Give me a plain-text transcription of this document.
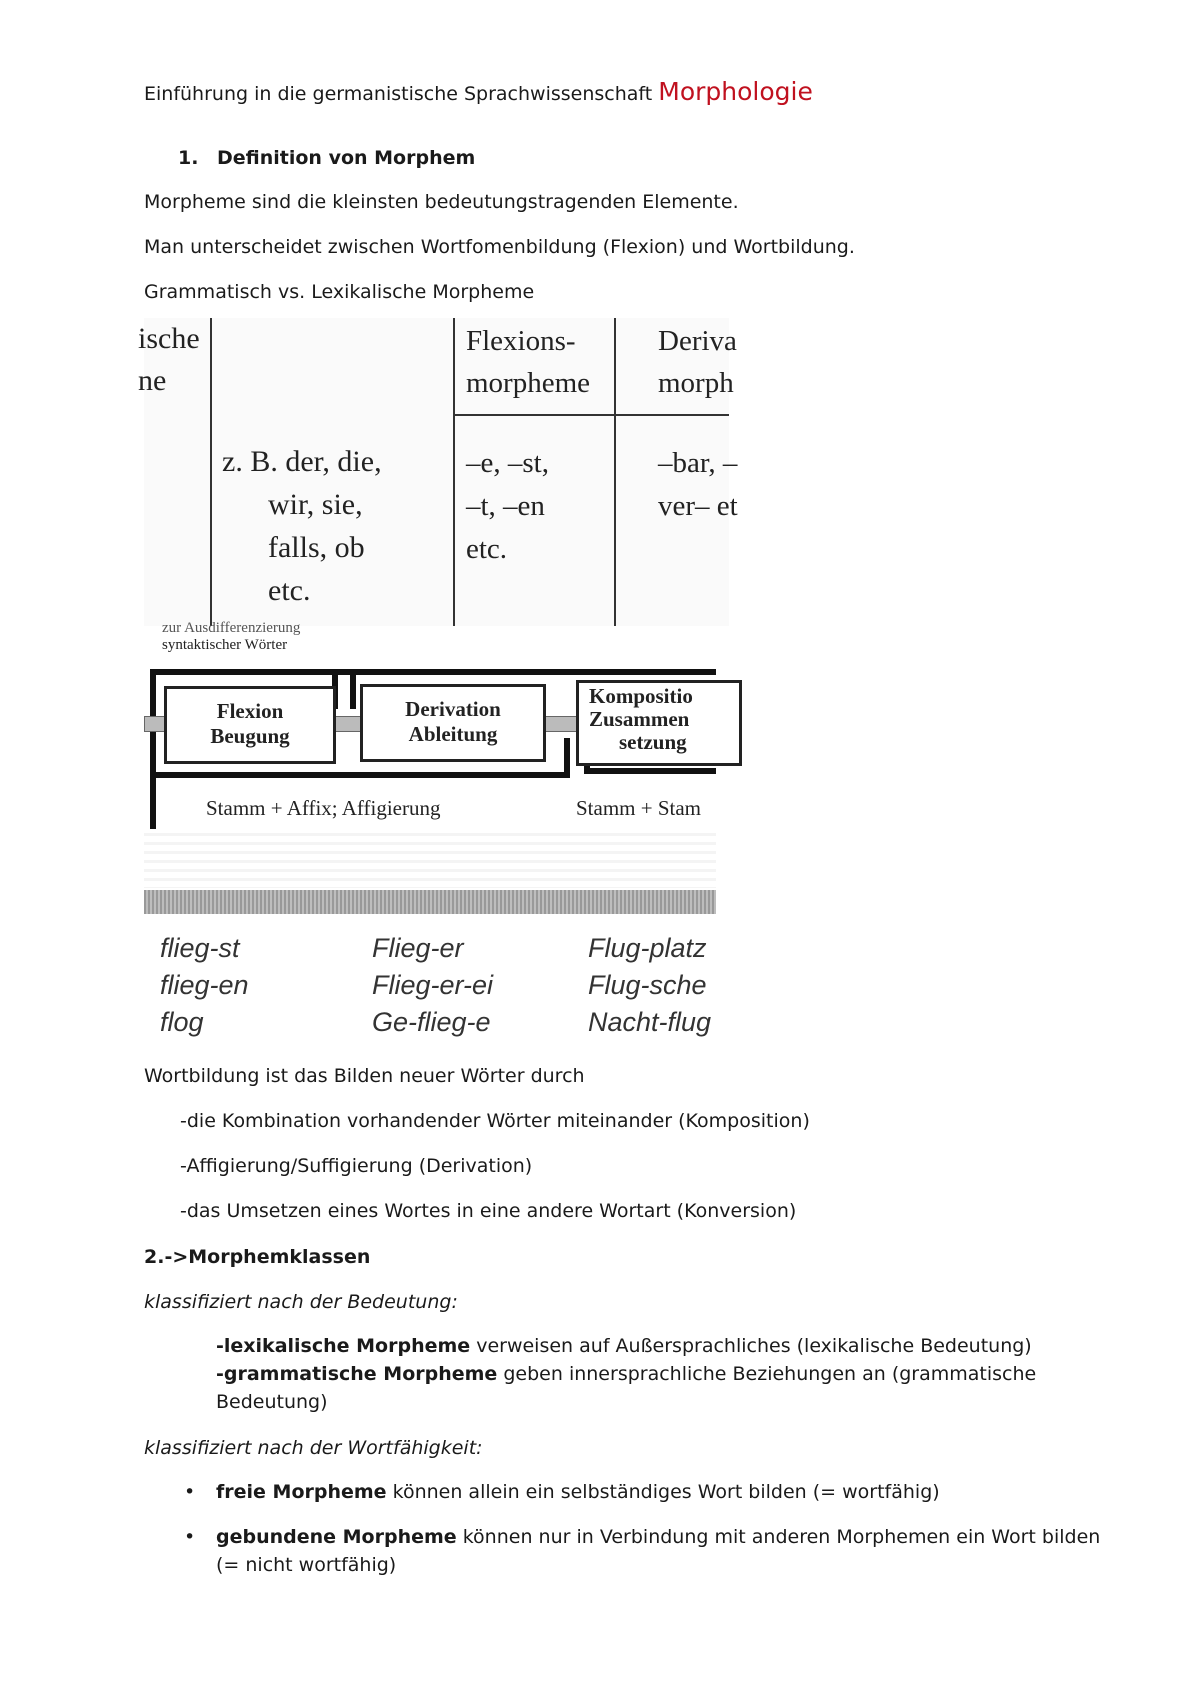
Einführung in die germanistische Sprachwissenschaft Morphologie
1. Definition von Morphem
Morpheme sind die kleinsten bedeutungstragenden Elemente.
Man unterscheidet zwischen Wortfomenbildung (Flexion) und Wortbildung.
Grammatisch vs. Lexikalische Morpheme
ische
ne
z. B. der, die,
wir, sie,
falls, ob
etc.
Flexions-
morpheme
–e, –st,
–t, –en
etc.
Deriva
morph
–bar, –
ver– et
zur Ausdifferenzierung
syntaktischer Wörter
Flexion
Beugung
Derivation
Ableitung
Kompositio
Zusammen
setzung
Stamm + Affix; Affigierung	Stamm + Stam
flieg-st
flieg-en
flog
Flieg-er
Flieg-er-ei
Ge-flieg-e
Flug-platz
Flug-sche
Nacht-flug
Wortbildung ist das Bilden neuer Wörter durch
-die Kombination vorhandender Wörter miteinander (Komposition)
-Affigierung/Suffigierung (Derivation)
-das Umsetzen eines Wortes in eine andere Wortart (Konversion)
2.->Morphemklassen
klassifiziert nach der Bedeutung:
-lexikalische Morpheme verweisen auf Außersprachliches (lexikalische Bedeutung)
-grammatische Morpheme geben innersprachliche Beziehungen an (grammatische
Bedeutung)
klassifiziert nach der Wortfähigkeit:
• freie Morpheme können allein ein selbständiges Wort bilden (= wortfähig)
• gebundene Morpheme können nur in Verbindung mit anderen Morphemen ein Wort bilden
(= nicht wortfähig)
